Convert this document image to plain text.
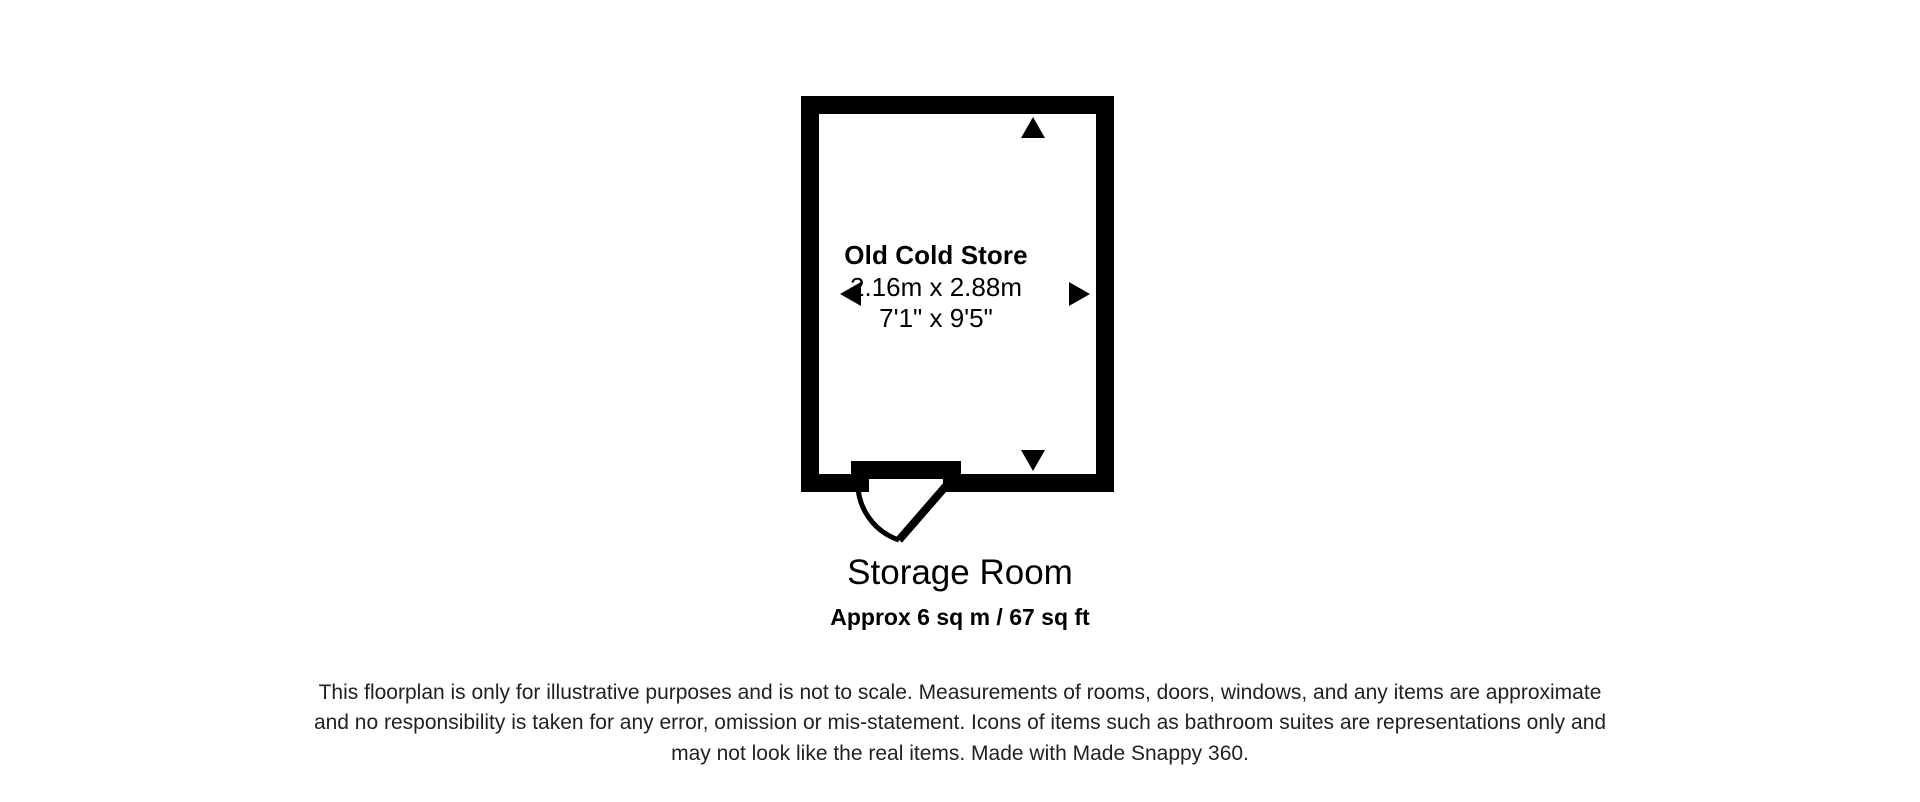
Old Cold Store
2.16m x 2.88m
7'1" x 9'5"
Storage Room
Approx 6 sq m / 67 sq ft
This floorplan is only for illustrative purposes and is not to scale. Measurements of rooms, doors, windows, and any items are approximate
and no responsibility is taken for any error, omission or mis-statement. Icons of items such as bathroom suites are representations only and
may not look like the real items. Made with Made Snappy 360.
